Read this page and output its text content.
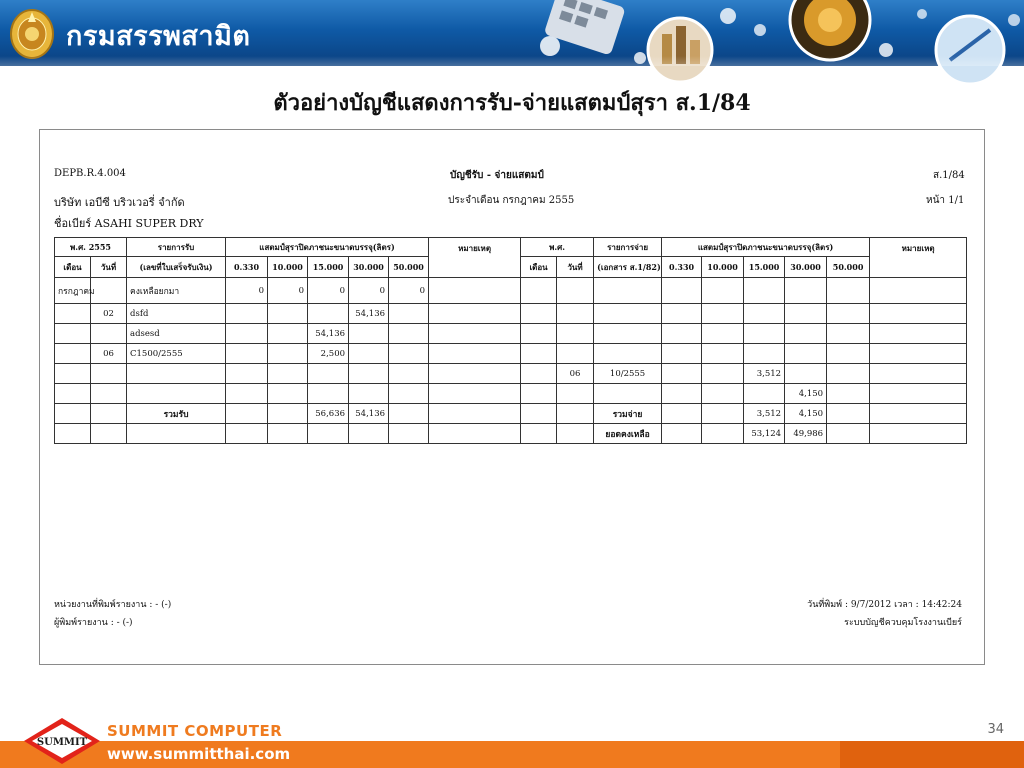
กรมสรรพสามิต
ตัวอย่างบัญชีแสดงการรับ-จ่ายแสตมป์สุรา ส.1/84
DEPB.R.4.004	บัญชีรับ - จ่ายแสตมป์	ส.1/84
บริษัท เอบีซี บริวเวอรี่ จำกัด	ประจำเดือน กรกฎาคม 2555	หน้า 1/1
ชื่อเบียร์ ASAHI SUPER DRY
พ.ศ. 2555		รายการรับ	แสตมป์สุราปิดภาชนะขนาดบรรจุ(ลิตร)					หมายเหตุ	พ.ศ.		รายการจ่าย	แสตมป์สุราปิดภาชนะขนาดบรรจุ(ลิตร)					หมายเหตุ
เดือน	วันที่	(เลขที่ใบเสร็จรับเงิน)	0.330	10.000	15.000	30.000	50.000		เดือน	วันที่	(เอกสาร ส.1/82)	0.330	10.000	15.000	30.000	50.000	
กรกฎาคม		คงเหลือยกมา	0	0	0	0	0										
	02	dsfd				54,136											
		adsesd			54,136												
	06	C1500/2555			2,500												
										06	10/2555			3,512			
															4,150		
		รวมรับ			56,636	54,136					รวมจ่าย			3,512	4,150		
											ยอดคงเหลือ			53,124	49,986		
หน่วยงานที่พิมพ์รายงาน : - (-)
ผู้พิมพ์รายงาน : - (-)
วันที่พิมพ์ : 9/7/2012 เวลา : 14:42:24
ระบบบัญชีควบคุมโรงงานเบียร์
34
SUMMIT
SUMMIT COMPUTER
www.summitthai.com
